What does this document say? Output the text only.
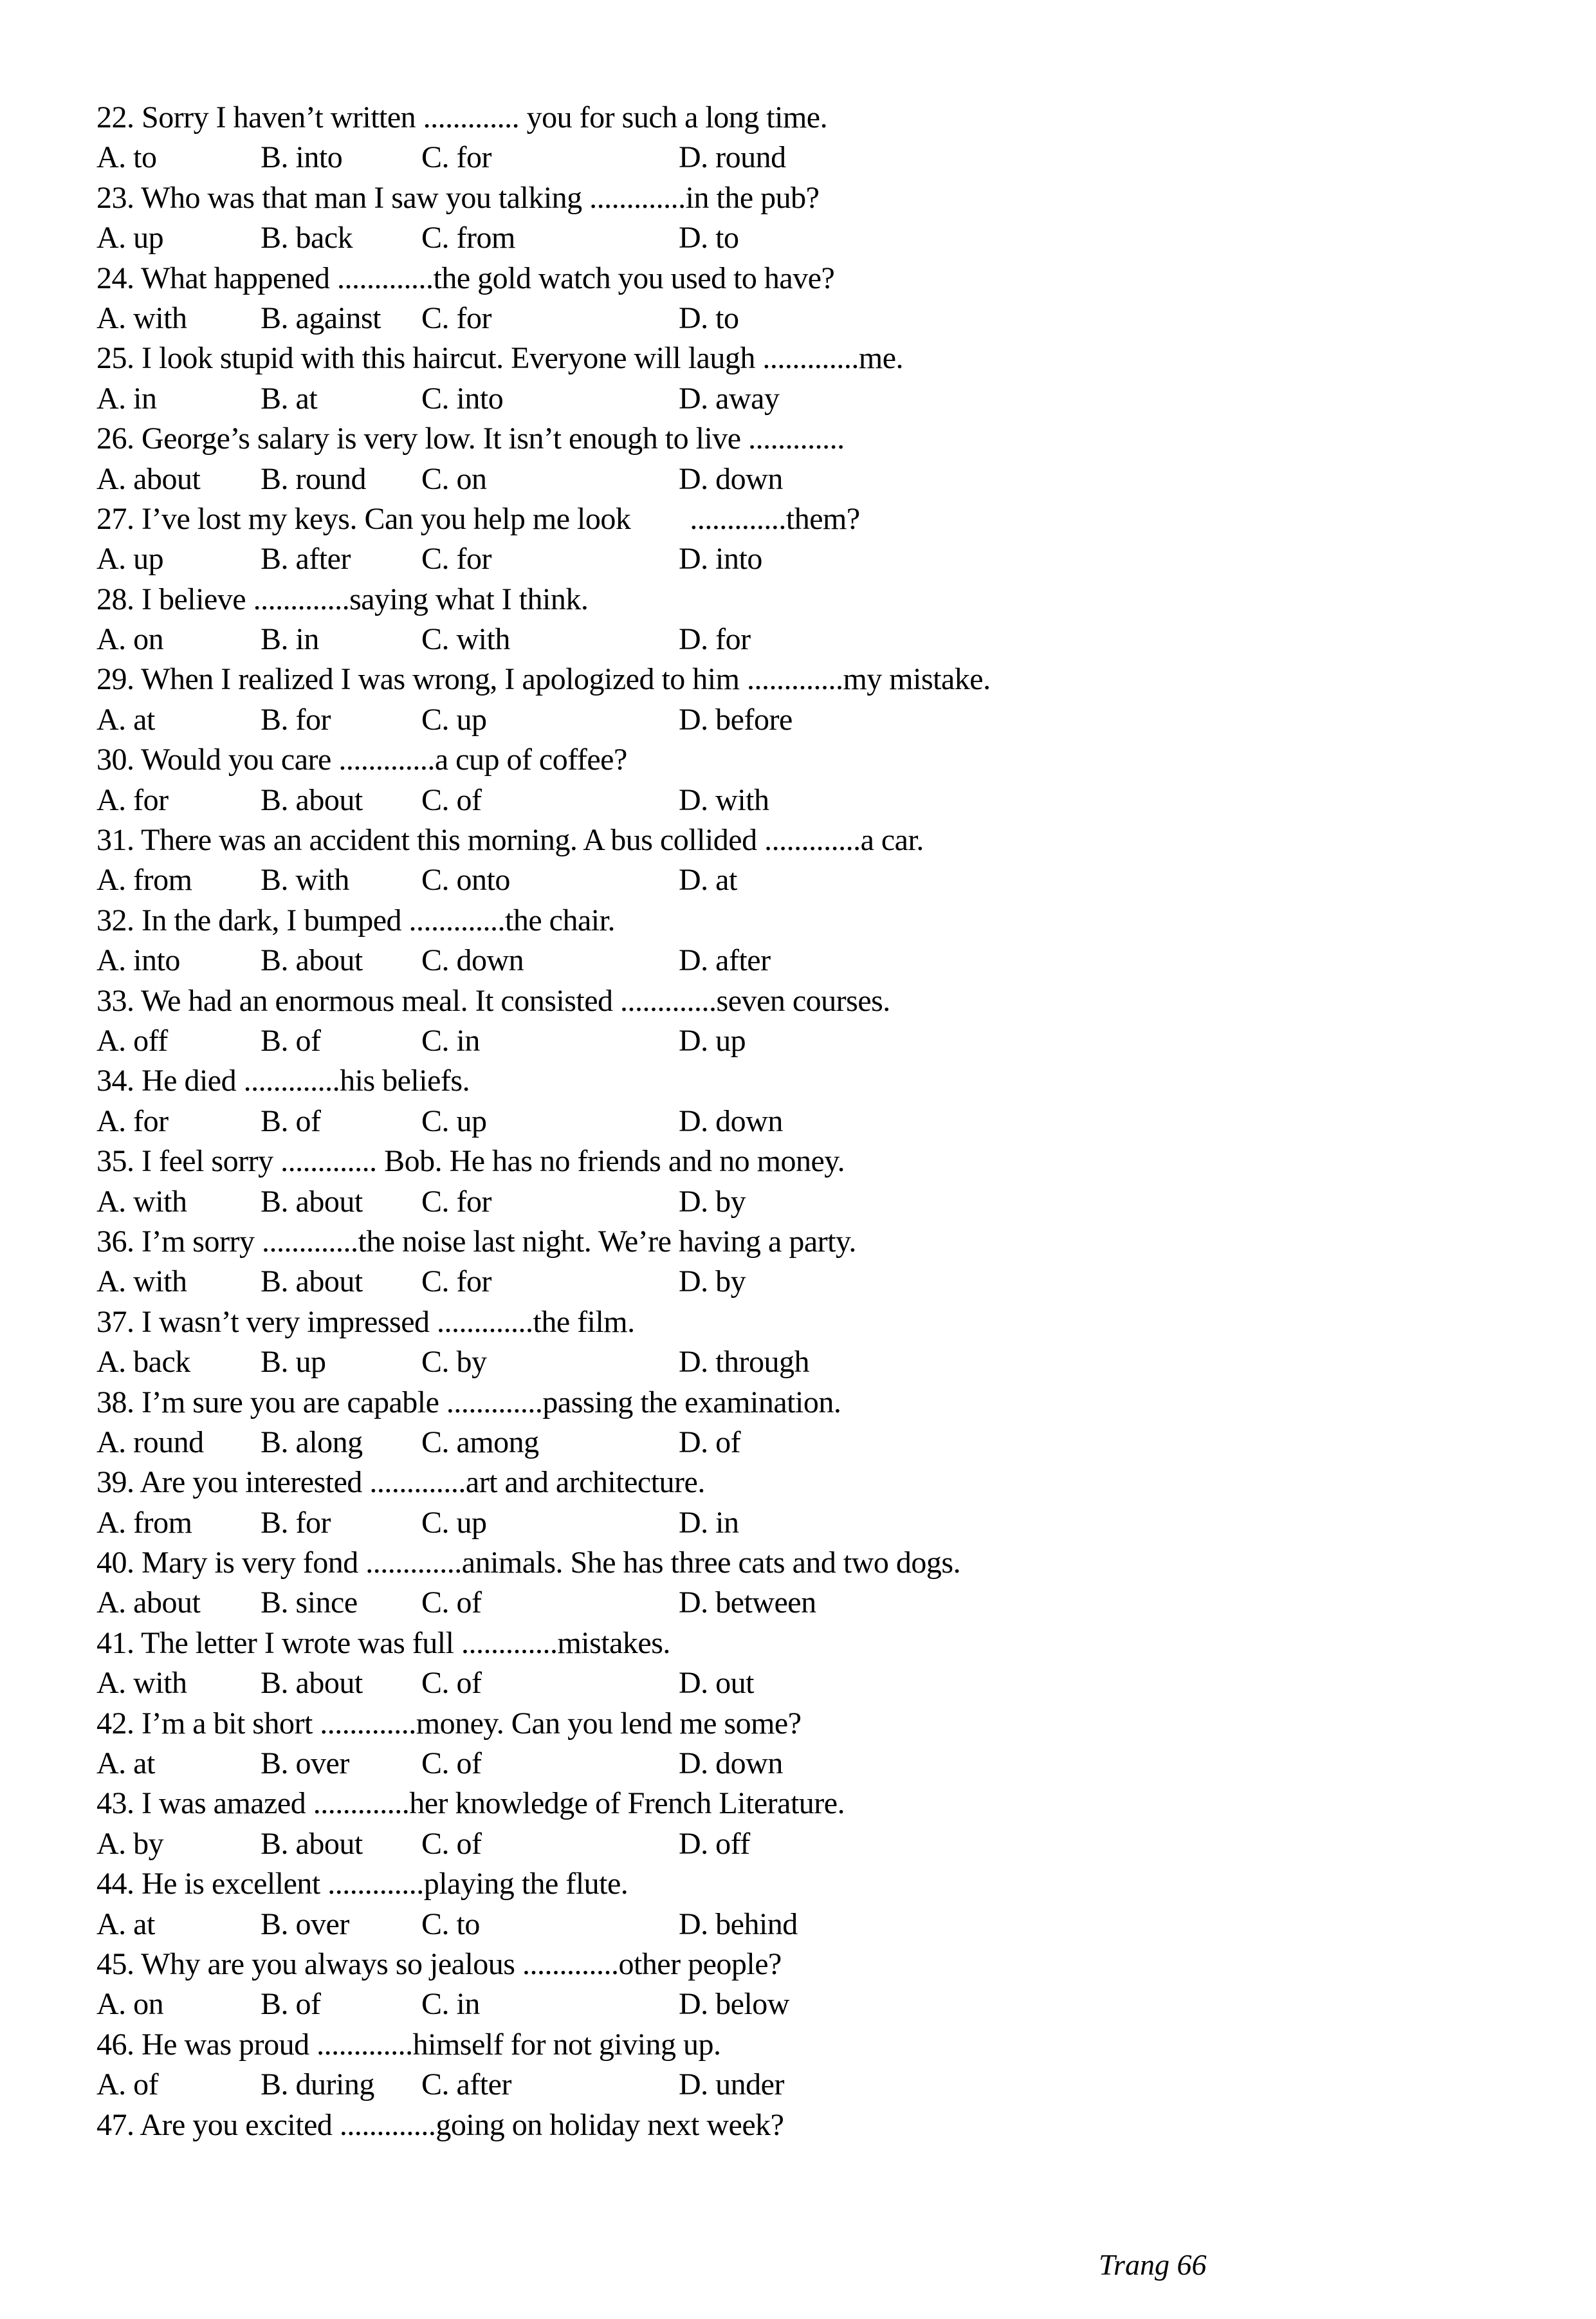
22. Sorry I haven’t written ............. you for such a long time.
A. to	B. into	C. for	D. round
23. Who was that man I saw you talking .............in the pub?
A. up	B. back	C. from	D. to
24. What happened .............the gold watch you used to have?
A. with	B. against	C. for	D. to
25. I look stupid with this haircut. Everyone will laugh .............me.
A. in	B. at	C. into	D. away
26. George’s salary is very low. It isn’t enough to live .............
A. about	B. round	C. on	D. down
27. I’ve lost my keys. Can you help me look        .............them?
A. up	B. after	C. for	D. into
28. I believe .............saying what I think.
A. on	B. in	C. with	D. for
29. When I realized I was wrong, I apologized to him .............my mistake.
A. at	B. for	C. up	D. before
30. Would you care .............a cup of coffee?
A. for	B. about	C. of	D. with
31. There was an accident this morning. A bus collided .............a car.
A. from	B. with	C. onto	D. at
32. In the dark, I bumped .............the chair.
A. into	B. about	C. down	D. after
33. We had an enormous meal. It consisted .............seven courses.
A. off	B. of	C. in	D. up
34. He died .............his beliefs.
A. for	B. of	C. up	D. down
35. I feel sorry ............. Bob. He has no friends and no money.
A. with	B. about	C. for	D. by
36. I’m sorry .............the noise last night. We’re having a party.
A. with	B. about	C. for	D. by
37. I wasn’t very impressed .............the film.
A. back	B. up	C. by	D. through
38. I’m sure you are capable .............passing the examination.
A. round	B. along	C. among	D. of
39. Are you interested .............art and architecture.
A. from	B. for	C. up	D. in
40. Mary is very fond .............animals. She has three cats and two dogs.
A. about	B. since	C. of	D. between
41. The letter I wrote was full .............mistakes.
A. with	B. about	C. of	D. out
42. I’m a bit short .............money. Can you lend me some?
A. at	B. over	C. of	D. down
43. I was amazed .............her knowledge of French Literature.
A. by	B. about	C. of	D. off
44. He is excellent .............playing the flute.
A. at	B. over	C. to	D. behind
45. Why are you always so jealous .............other people?
A. on	B. of	C. in	D. below
46. He was proud .............himself for not giving up.
A. of	B. during	C. after	D. under
47. Are you excited .............going on holiday next week?

Trang 66
